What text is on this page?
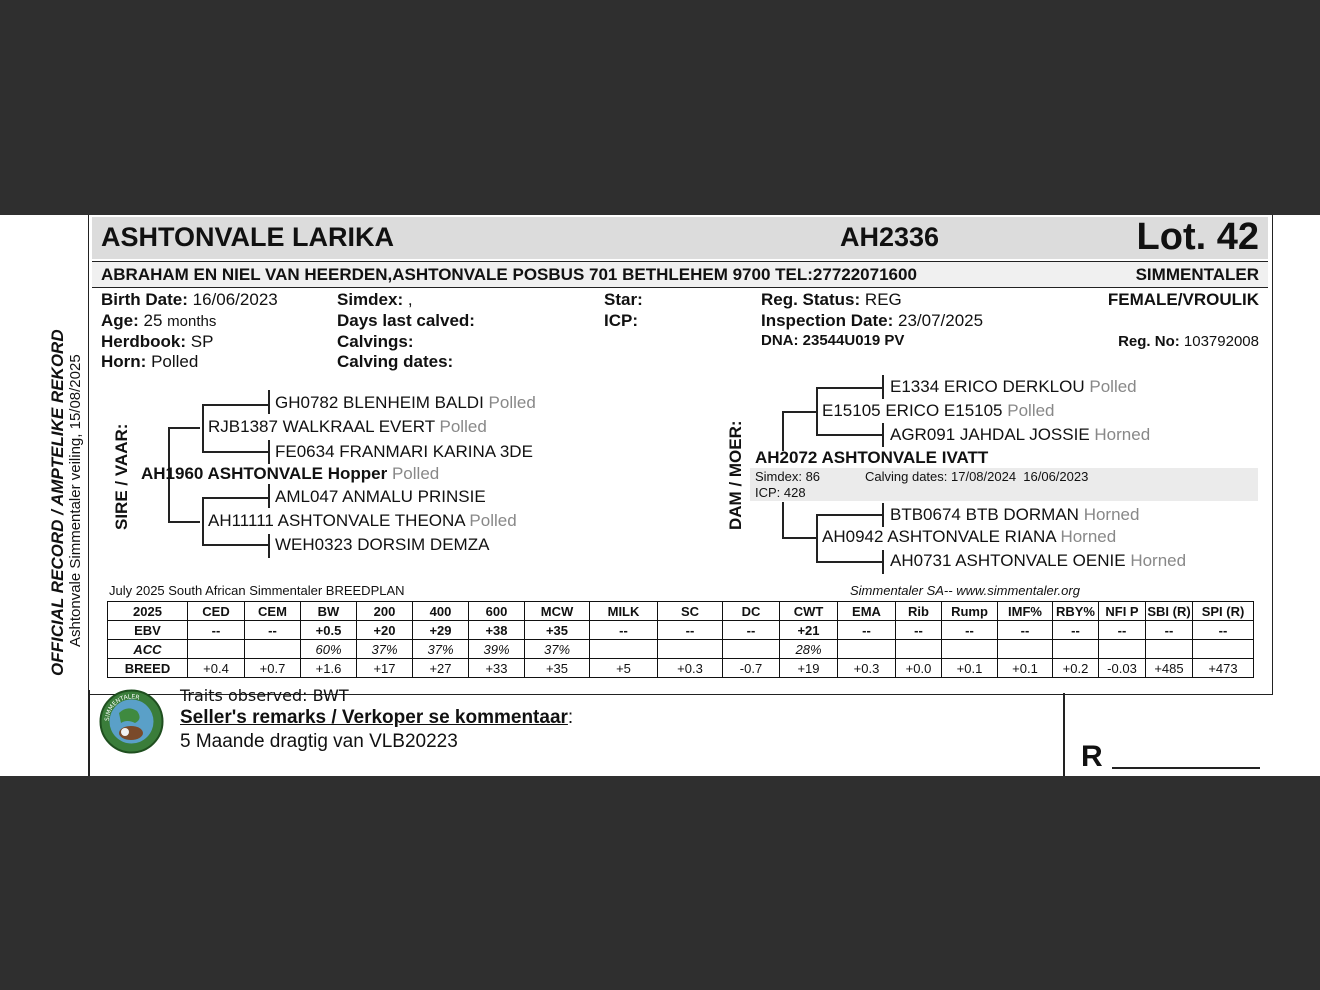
ASHTONVALE LARIKA	AH2336	Lot. 42
ABRAHAM EN NIEL VAN HEERDEN,ASHTONVALE POSBUS 701 BETHLEHEM 9700 TEL:27722071600	SIMMENTALER
Birth Date: 16/06/2023
Age: 25 months
Herdbook: SP
Horn: Polled
Simdex: ,
Days last calved:
Calvings:
Calving dates:
Star:
ICP:
Reg. Status: REG
Inspection Date: 23/07/2025
DNA: 23544U019 PV
FEMALE/VROULIK
Reg. No: 103792008
OFFICIAL RECORD / AMPTELIKE REKORD Ashtonvale Simmentaler veiling, 15/08/2025 SIRE / VAAR:	DAM / MOER:
GH0782 BLENHEIM BALDI Polled
RJB1387 WALKRAAL EVERT Polled
FE0634 FRANMARI KARINA 3DE
AH1960 ASHTONVALE Hopper Polled
AML047 ANMALU PRINSIE
AH11111 ASHTONVALE THEONA Polled
WEH0323 DORSIM DEMZA
E1334 ERICO DERKLOU Polled
E15105 ERICO E15105 Polled
AGR091 JAHDAL JOSSIE Horned
AH2072 ASHTONVALE IVATT
Simdex: 86
ICP: 428
Calving dates: 17/08/2024  16/06/2023
BTB0674 BTB DORMAN Horned
AH0942 ASHTONVALE RIANA Horned
AH0731 ASHTONVALE OENIE Horned
July 2025 South African Simmentaler BREEDPLAN	Simmentaler SA-- www.simmentaler.org
2025	CED	CEM	BW	200	400	600	MCW	MILK	SC	DC	CWT	EMA	Rib	Rump	IMF%	RBY%	NFI P	SBI (R)	SPI (R)
EBV	--	--	+0.5	+20	+29	+38	+35	--	--	--	+21	--	--	--	--	--	--	--	--
ACC			60%	37%	37%	39%	37%				28%								
BREED	+0.4	+0.7	+1.6	+17	+27	+33	+35	+5	+0.3	-0.7	+19	+0.3	+0.0	+0.1	+0.1	+0.2	-0.03	+485	+473
SIMMENTALER Traits observed: BWT
Seller's remarks / Verkoper se kommentaar:
5 Maande dragtig van VLB20223	R
